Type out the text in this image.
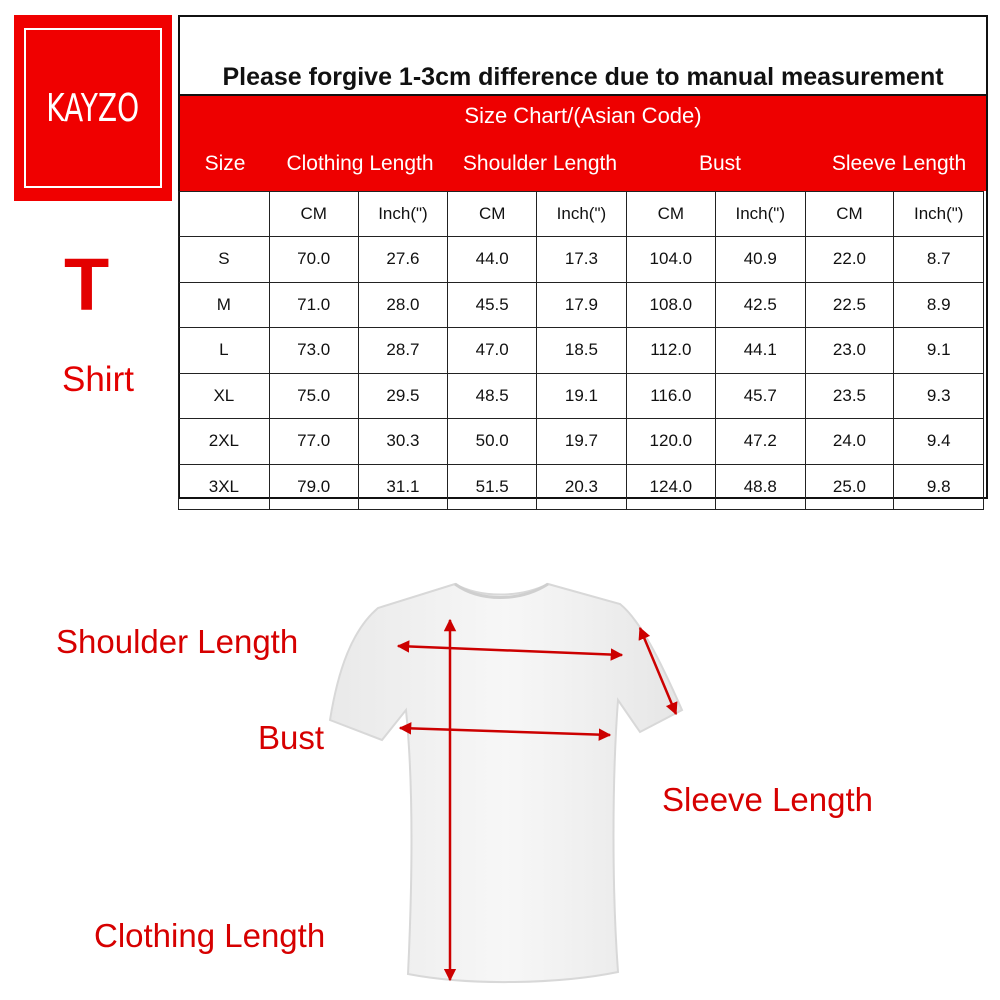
KAYZO
T
Shirt
Please forgive 1-3cm difference due to manual measurement
Size Chart/(Asian Code)
Size	Clothing Length	Shoulder Length	Bust	Sleeve Length
	CM	Inch(")	CM	Inch(")	CM	Inch(")	CM	Inch(")
S	70.0	27.6	44.0	17.3	104.0	40.9	22.0	8.7
M	71.0	28.0	45.5	17.9	108.0	42.5	22.5	8.9
L	73.0	28.7	47.0	18.5	112.0	44.1	23.0	9.1
XL	75.0	29.5	48.5	19.1	116.0	45.7	23.5	9.3
2XL	77.0	30.3	50.0	19.7	120.0	47.2	24.0	9.4
3XL	79.0	31.1	51.5	20.3	124.0	48.8	25.0	9.8
Shoulder Length
Bust
Sleeve Length
Clothing Length
